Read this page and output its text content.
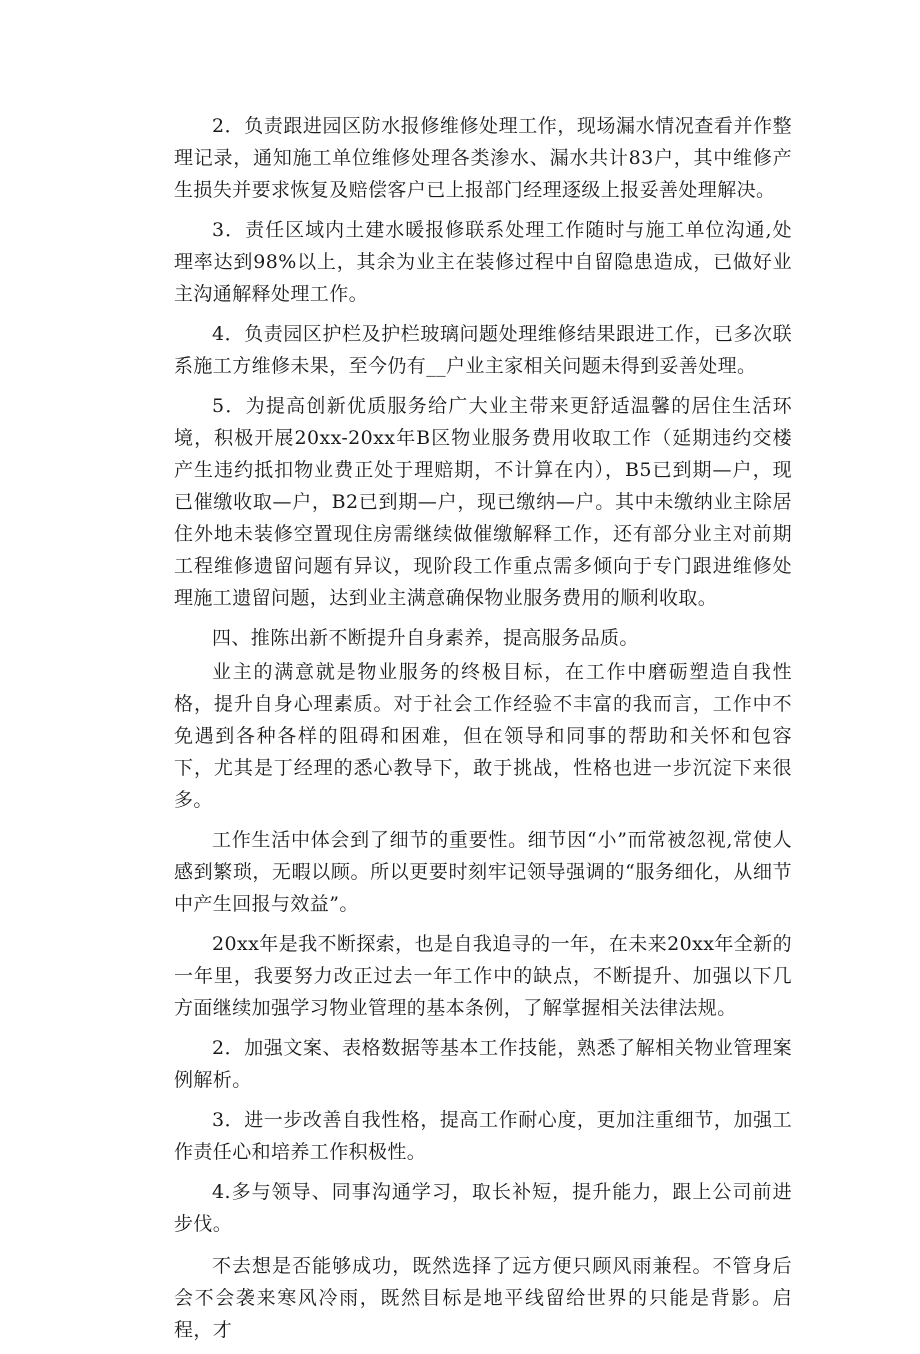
2．负责跟进园区防水报修维修处理工作，现场漏水情况查看并作整理记录，通知施工单位维修处理各类渗水、漏水共计83户，其中维修产生损失并要求恢复及赔偿客户已上报部门经理逐级上报妥善处理解决。

3．责任区域内土建水暖报修联系处理工作随时与施工单位沟通,处理率达到98%以上，其余为业主在装修过程中自留隐患造成，已做好业主沟通解释处理工作。

4．负责园区护栏及护栏玻璃问题处理维修结果跟进工作，已多次联系施工方维修未果，至今仍有__户业主家相关问题未得到妥善处理。

5．为提高创新优质服务给广大业主带来更舒适温馨的居住生活环境，积极开展20xx-20xx年B区物业服务费用收取工作（延期违约交楼产生违约抵扣物业费正处于理赔期，不计算在内），B5已到期—户，现已催缴收取—户，B2已到期—户，现已缴纳—户。其中未缴纳业主除居住外地未装修空置现住房需继续做催缴解释工作，还有部分业主对前期工程维修遗留问题有异议，现阶段工作重点需多倾向于专门跟进维修处理施工遗留问题，达到业主满意确保物业服务费用的顺利收取。

四、推陈出新不断提升自身素养，提高服务品质。

业主的满意就是物业服务的终极目标，在工作中磨砺塑造自我性格，提升自身心理素质。对于社会工作经验不丰富的我而言，工作中不免遇到各种各样的阻碍和困难，但在领导和同事的帮助和关怀和包容下，尤其是丁经理的悉心教导下，敢于挑战，性格也进一步沉淀下来很多。

工作生活中体会到了细节的重要性。细节因“小”而常被忽视,常使人感到繁琐，无暇以顾。所以更要时刻牢记领导强调的“服务细化，从细节中产生回报与效益”。

20xx年是我不断探索，也是自我追寻的一年，在未来20xx年全新的一年里，我要努力改正过去一年工作中的缺点，不断提升、加强以下几方面继续加强学习物业管理的基本条例，了解掌握相关法律法规。

2．加强文案、表格数据等基本工作技能，熟悉了解相关物业管理案例解析。

3．进一步改善自我性格，提高工作耐心度，更加注重细节，加强工作责任心和培养工作积极性。

4.多与领导、同事沟通学习，取长补短，提升能力，跟上公司前进步伐。

不去想是否能够成功，既然选择了远方便只顾风雨兼程。不管身后会不会袭来寒风冷雨，既然目标是地平线留给世界的只能是背影。启程，才
